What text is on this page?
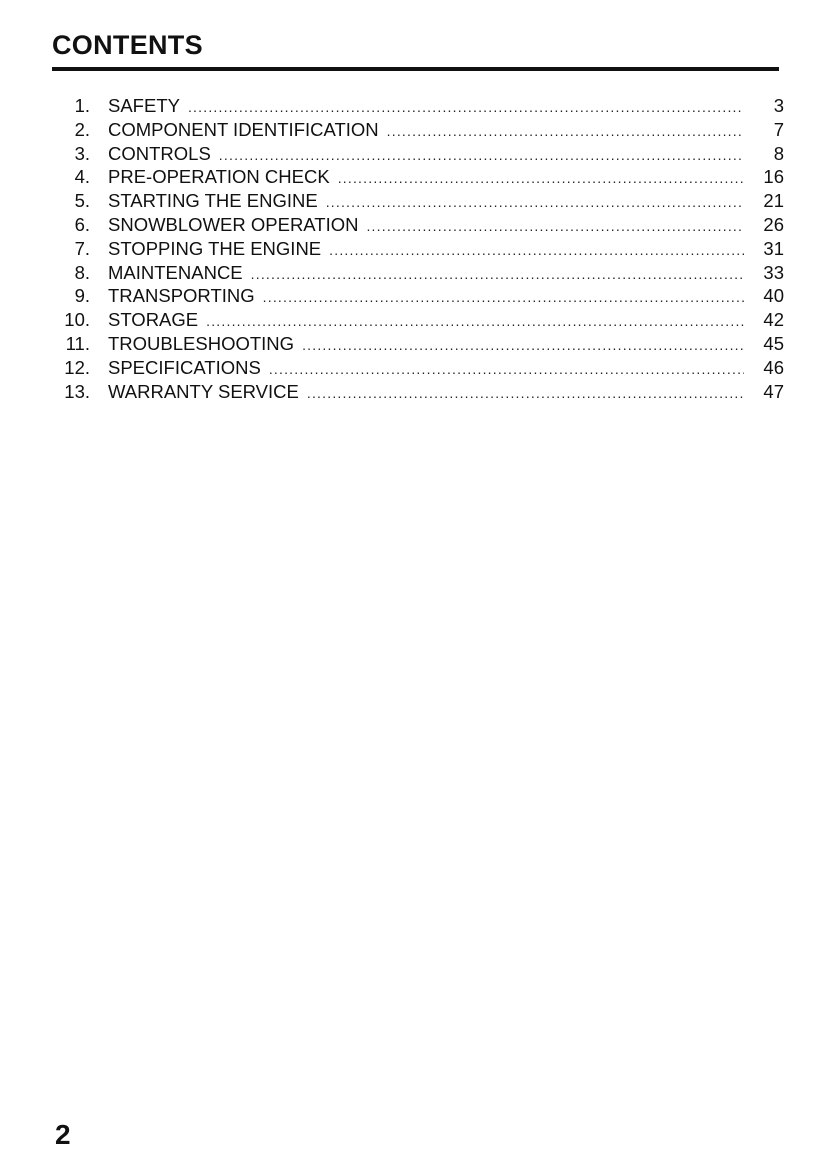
CONTENTS
1. SAFETY .....	3
2. COMPONENT IDENTIFICATION .....	7
3. CONTROLS .....	8
4. PRE-OPERATION CHECK .....	16
5. STARTING THE ENGINE .....	21
6. SNOWBLOWER OPERATION .....	26
7. STOPPING THE ENGINE .....	31
8. MAINTENANCE .....	33
9. TRANSPORTING .....	40
10. STORAGE .....	42
11. TROUBLESHOOTING .....	45
12. SPECIFICATIONS .....	46
13. WARRANTY SERVICE .....	47

2
